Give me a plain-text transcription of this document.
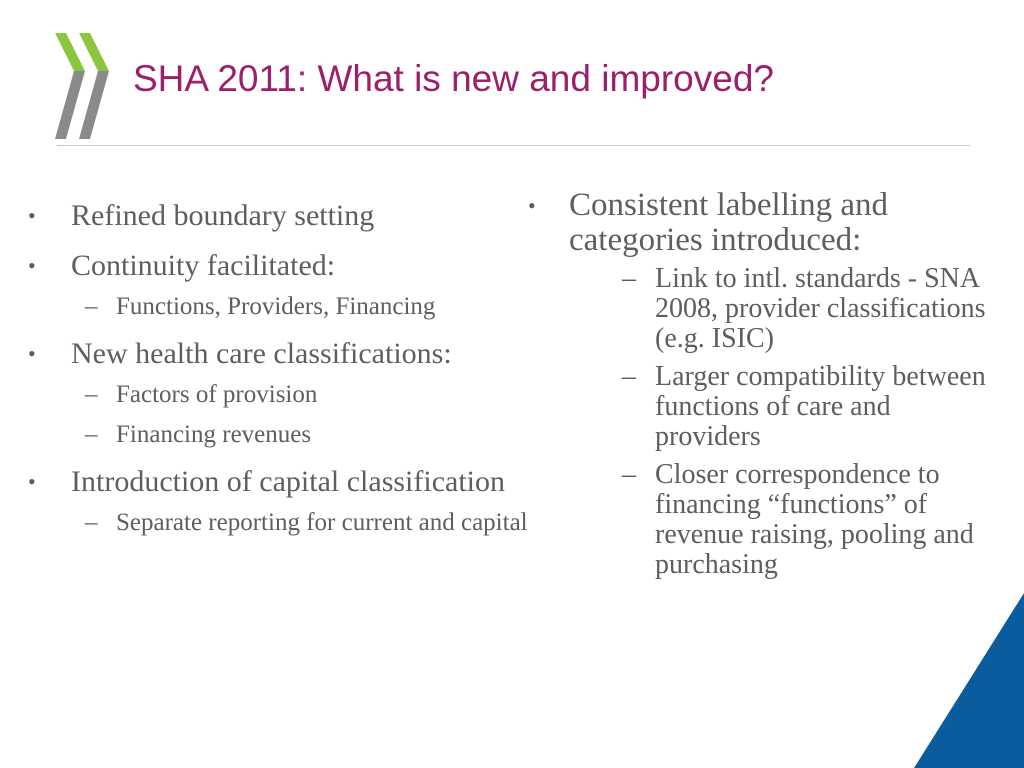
SHA 2011: What is new and improved?
• Refined boundary setting
• Continuity facilitated:
– Functions, Providers, Financing
• New health care classifications:
– Factors of provision
– Financing revenues
• Introduction of capital classification
– Separate reporting for current and capital
• Consistent labelling and categories introduced:
– Link to intl. standards - SNA 2008, provider classifications (e.g. ISIC)
– Larger compatibility between functions of care and providers
– Closer correspondence to financing “functions” of revenue raising, pooling and purchasing
